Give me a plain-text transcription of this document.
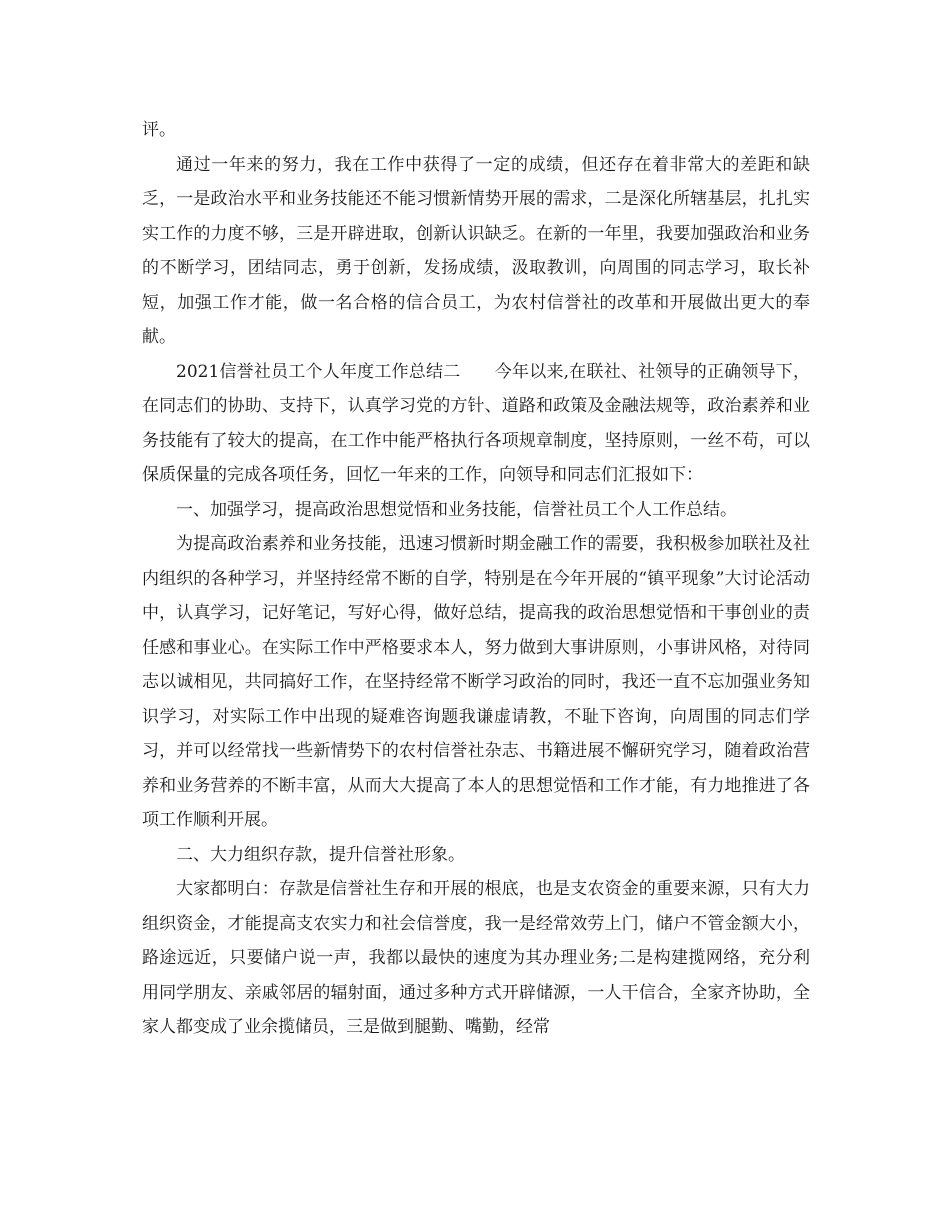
评。

通过一年来的努力，我在工作中获得了一定的成绩，但还存在着非常大的差距和缺乏，一是政治水平和业务技能还不能习惯新情势开展的需求，二是深化所辖基层，扎扎实实工作的力度不够，三是开辟进取，创新认识缺乏。在新的一年里，我要加强政治和业务的不断学习，团结同志，勇于创新，发扬成绩，汲取教训，向周围的同志学习，取长补短，加强工作才能，做一名合格的信合员工，为农村信誉社的改革和开展做出更大的奉献。

2021信誉社员工个人年度工作总结二　　今年以来,在联社、社领导的正确领导下，在同志们的协助、支持下，认真学习党的方针、道路和政策及金融法规等，政治素养和业务技能有了较大的提高，在工作中能严格执行各项规章制度，坚持原则，一丝不苟，可以保质保量的完成各项任务，回忆一年来的工作，向领导和同志们汇报如下：

一、加强学习，提高政治思想觉悟和业务技能，信誉社员工个人工作总结。

为提高政治素养和业务技能，迅速习惯新时期金融工作的需要，我积极参加联社及社内组织的各种学习，并坚持经常不断的自学，特别是在今年开展的“镇平现象”大讨论活动中，认真学习，记好笔记，写好心得，做好总结，提高我的政治思想觉悟和干事创业的责任感和事业心。在实际工作中严格要求本人，努力做到大事讲原则，小事讲风格，对待同志以诚相见，共同搞好工作，在坚持经常不断学习政治的同时，我还一直不忘加强业务知识学习，对实际工作中出现的疑难咨询题我谦虚请教，不耻下咨询，向周围的同志们学习，并可以经常找一些新情势下的农村信誉社杂志、书籍进展不懈研究学习，随着政治营养和业务营养的不断丰富，从而大大提高了本人的思想觉悟和工作才能，有力地推进了各项工作顺利开展。

二、大力组织存款，提升信誉社形象。

大家都明白：存款是信誉社生存和开展的根底，也是支农资金的重要来源，只有大力组织资金，才能提高支农实力和社会信誉度，我一是经常效劳上门，储户不管金额大小，路途远近，只要储户说一声，我都以最快的速度为其办理业务;二是构建揽网络，充分利用同学朋友、亲戚邻居的辐射面，通过多种方式开辟储源，一人干信合，全家齐协助，全家人都变成了业余揽储员，三是做到腿勤、嘴勤，经常
